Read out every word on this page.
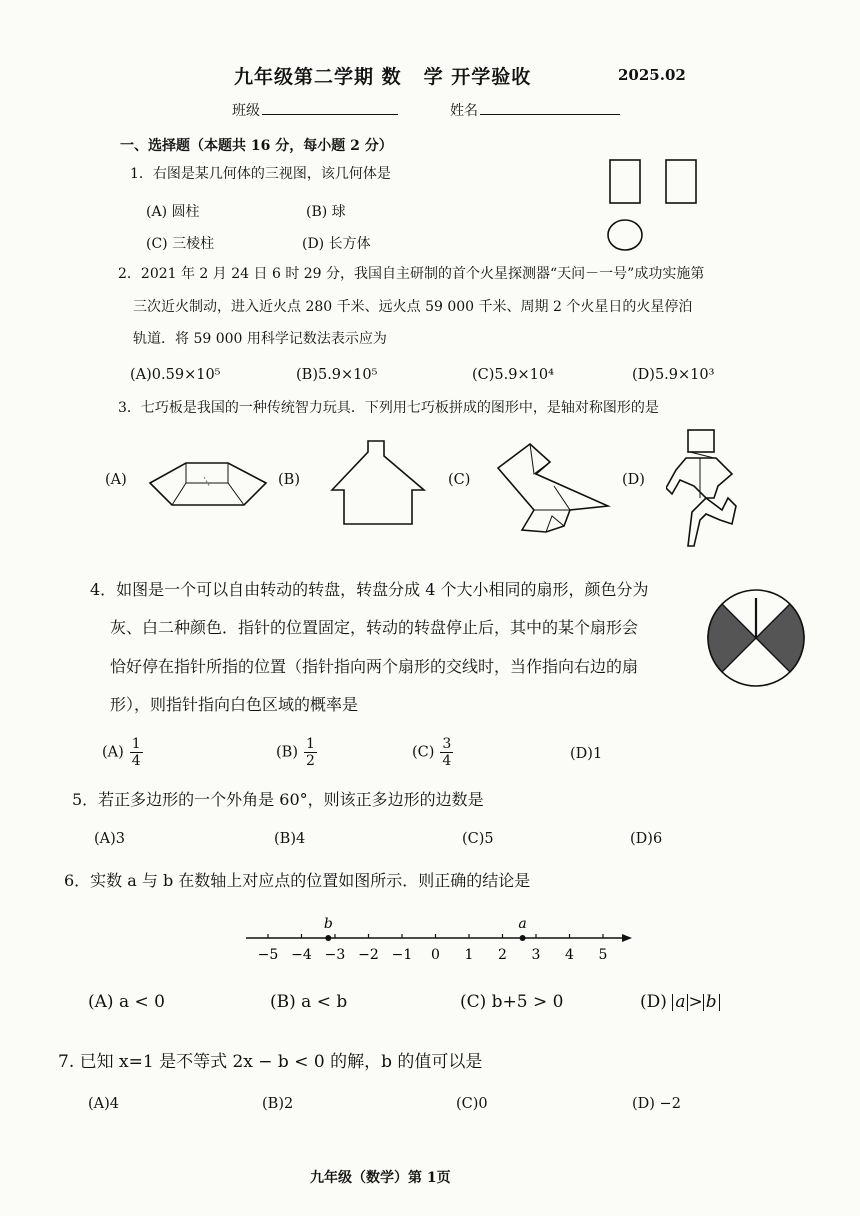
九年级第二学期 数 学 开学验收	2025.02
班级	姓名
一、选择题（本题共 16 分，每小题 2 分）
1．右图是某几何体的三视图，该几何体是
(A) 圆柱	(B) 球
(C) 三棱柱	(D) 长方体
2．2021 年 2 月 24 日 6 时 29 分，我国自主研制的首个火星探测器“天问－一号”成功实施第
三次近火制动，进入近火点 280 千米、远火点 59 000 千米、周期 2 个火星日的火星停泊
轨道．将 59 000 用科学记数法表示应为
(A)0.59×10⁵	(B)5.9×10⁵	(C)5.9×10⁴	(D)5.9×10³
3．七巧板是我国的一种传统智力玩具．下列用七巧板拼成的图形中，是轴对称图形的是
(A)	(B)	(C)	(D)
4．如图是一个可以自由转动的转盘，转盘分成 4 个大小相同的扇形，颜色分为
灰、白二种颜色．指针的位置固定，转动的转盘停止后，其中的某个扇形会
恰好停在指针所指的位置（指针指向两个扇形的交线时，当作指向右边的扇
形），则指针指向白色区域的概率是
$(A) \frac{1}{4}$	$(B) \frac{1}{2}$	$(C) \frac{3}{4}$	(D)1
5．若正多边形的一个外角是 60°，则该正多边形的边数是
(A)3	(B)4	(C)5	(D)6
6．实数 a 与 b 在数轴上对应点的位置如图所示．则正确的结论是
−5 −4 −3 −2 −1 0 1 2 3 4 5
b	a
(A) a < 0	(B) a < b	(C) b+5 > 0	(D) a > b
7. 已知 x=1 是不等式 2x − b < 0 的解，b 的值可以是
(A)4	(B)2	(C)0	(D) −2
九年级（数学）第 1页
